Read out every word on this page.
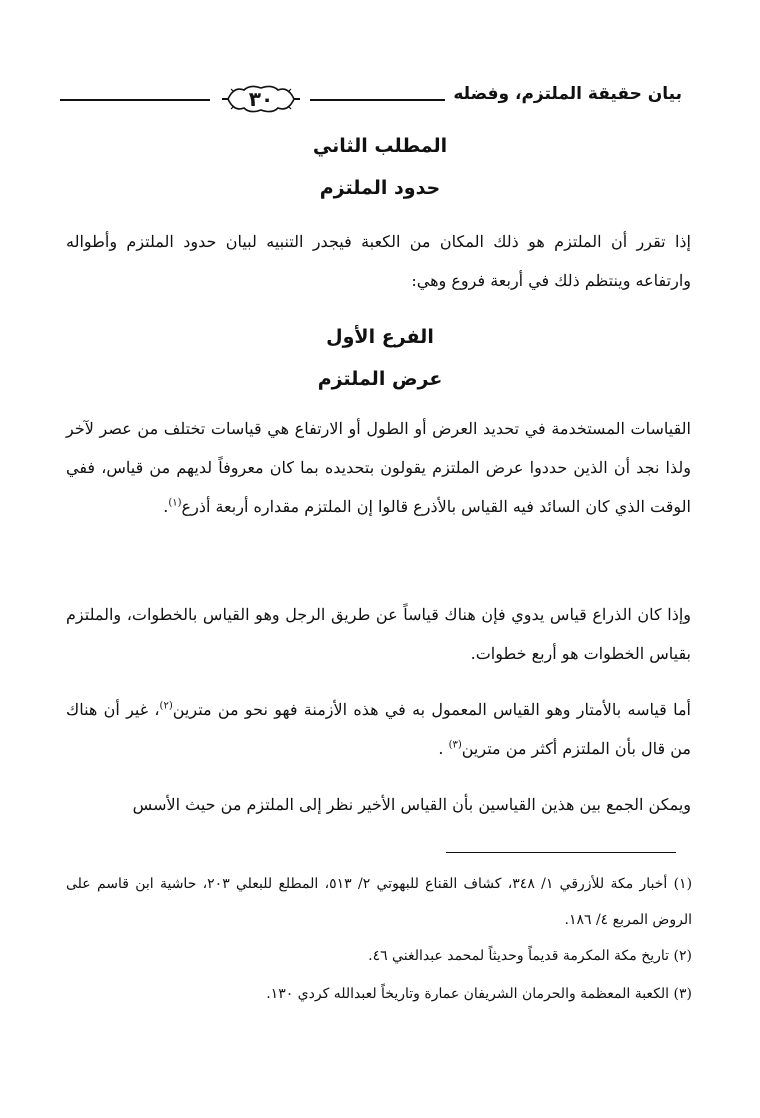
٣٠	بيان حقيقة الملتزم، وفضله
المطلب الثاني
حدود الملتزم
إذا تقرر أن الملتزم هو ذلك المكان من الكعبة فيجدر التنبيه لبيان حدود الملتزم وأطواله وارتفاعه وينتظم ذلك في أربعة فروع وهي:
الفرع الأول
عرض الملتزم
القياسات المستخدمة في تحديد العرض أو الطول أو الارتفاع هي قياسات تختلف من عصر لآخر ولذا نجد أن الذين حددوا عرض الملتزم يقولون بتحديده بما كان معروفاً لديهم من قياس، ففي الوقت الذي كان السائد فيه القياس بالأذرع قالوا إن الملتزم مقداره أربعة أذرع$^{(١)}$.
وإذا كان الذراع قياس يدوي فإن هناك قياساً عن طريق الرجل وهو القياس بالخطوات، والملتزم بقياس الخطوات هو أربع خطوات.
أما قياسه بالأمتار وهو القياس المعمول به في هذه الأزمنة فهو نحو من مترين$^{(٢)}$، غير أن هناك من قال بأن الملتزم أكثر من مترين$^{(٣)}$ .
ويمكن الجمع بين هذين القياسين بأن القياس الأخير نظر إلى الملتزم من حيث الأسس
(١) أخبار مكة للأزرقي ١/ ٣٤٨، كشاف القناع للبهوتي ٢/ ٥١٣، المطلع للبعلي ٢٠٣، حاشية ابن قاسم على الروض المربع ٤/ ١٨٦.
(٢) تاريخ مكة المكرمة قديماً وحديثاً لمحمد عبدالغني ٤٦.
(٣) الكعبة المعظمة والحرمان الشريفان عمارة وتاريخاً لعبدالله كردي ١٣٠.
